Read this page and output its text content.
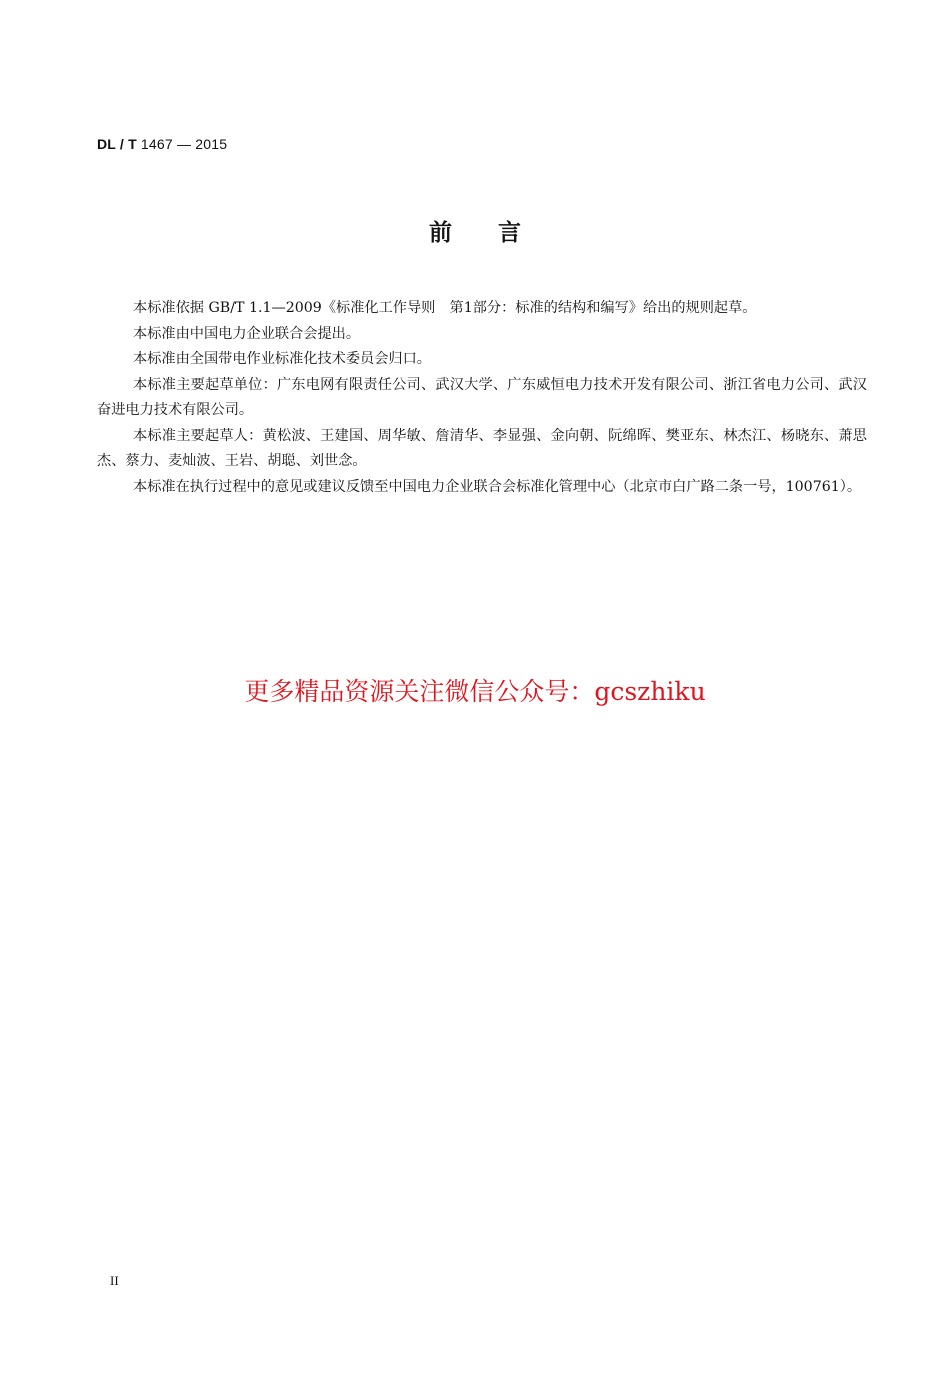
DL / T 1467 — 2015
前言

本标准依据 GB/T 1.1—2009《标准化工作导则　第1部分：标准的结构和编写》给出的规则起草。

本标准由中国电力企业联合会提出。

本标准由全国带电作业标准化技术委员会归口。

本标准主要起草单位：广东电网有限责任公司、武汉大学、广东威恒电力技术开发有限公司、浙江省电力公司、武汉奋进电力技术有限公司。

本标准主要起草人：黄松波、王建国、周华敏、詹清华、李显强、金向朝、阮绵晖、樊亚东、林杰江、杨晓东、萧思杰、蔡力、麦灿波、王岩、胡聪、刘世念。

本标准在执行过程中的意见或建议反馈至中国电力企业联合会标准化管理中心（北京市白广路二条一号，100761）。

更多精品资源关注微信公众号：gcszhiku
II
